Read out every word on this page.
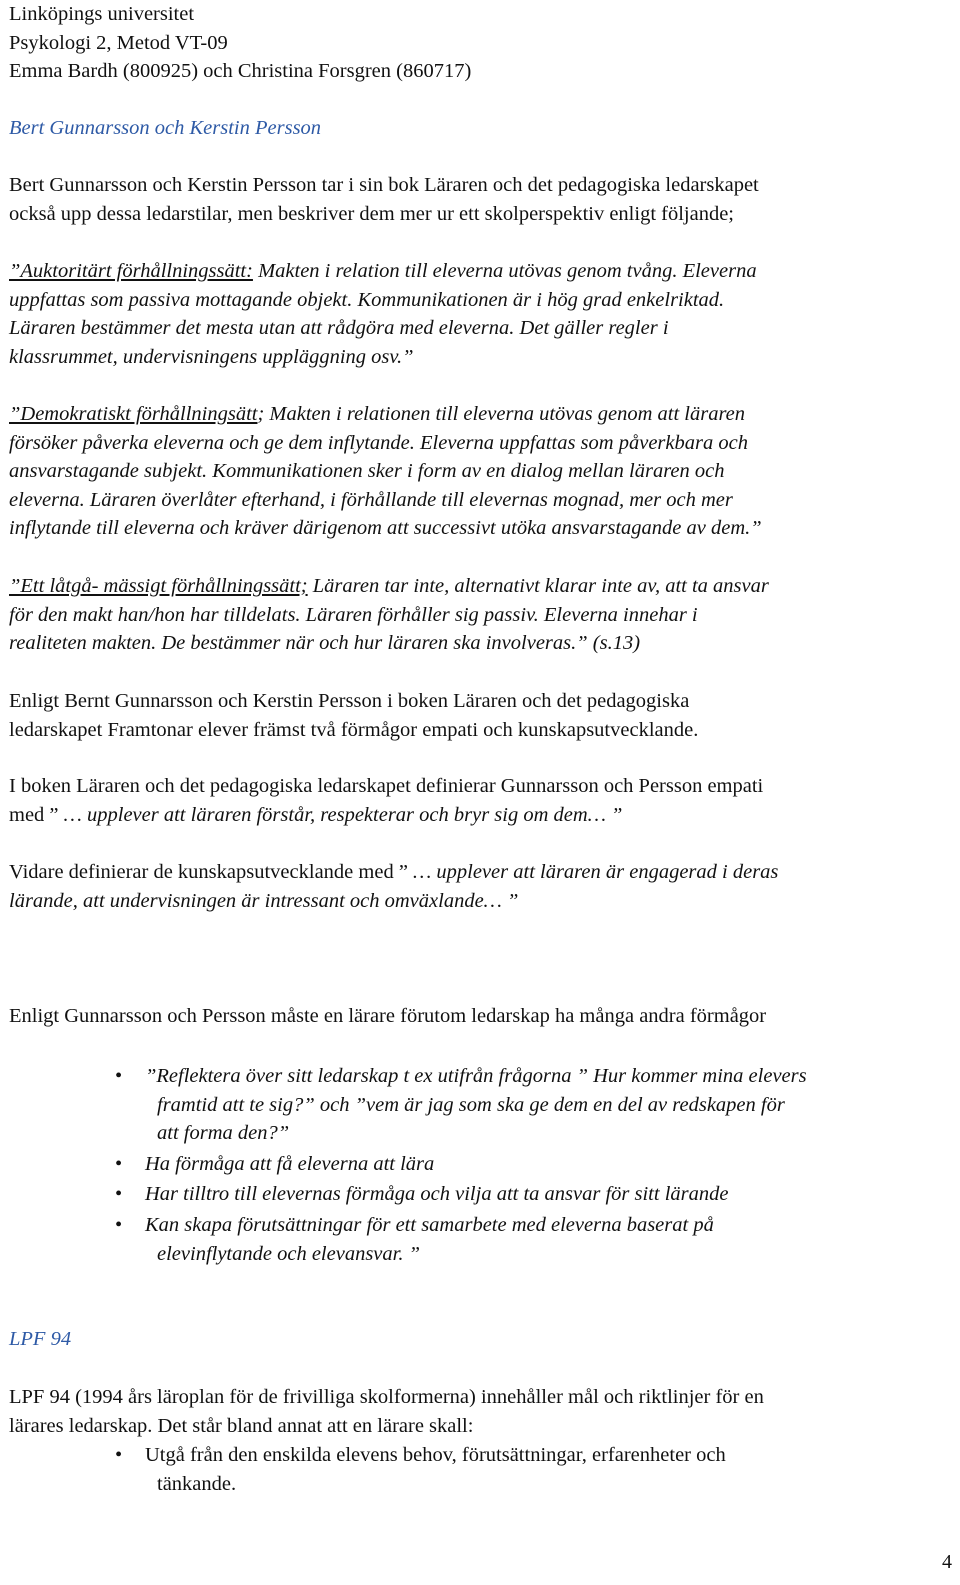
Linköpings universitet
Psykologi 2, Metod VT-09
Emma Bardh (800925) och Christina Forsgren (860717)
Bert Gunnarsson och Kerstin Persson
Bert Gunnarsson och Kerstin Persson tar i sin bok Läraren och det pedagogiska ledarskapet
också upp dessa ledarstilar, men beskriver dem mer ur ett skolperspektiv enligt följande;
”Auktoritärt förhållningssätt: Makten i relation till eleverna utövas genom tvång. Eleverna
uppfattas som passiva mottagande objekt. Kommunikationen är i hög grad enkelriktad.
Läraren bestämmer det mesta utan att rådgöra med eleverna. Det gäller regler i
klassrummet, undervisningens uppläggning osv.”
”Demokratiskt förhållningsätt; Makten i relationen till eleverna utövas genom att läraren
försöker påverka eleverna och ge dem inflytande. Eleverna uppfattas som påverkbara och
ansvarstagande subjekt. Kommunikationen sker i form av en dialog mellan läraren och
eleverna. Läraren överlåter efterhand, i förhållande till elevernas mognad, mer och mer
inflytande till eleverna och kräver därigenom att successivt utöka ansvarstagande av dem.”
”Ett låtgå- mässigt förhållningssätt; Läraren tar inte, alternativt klarar inte av, att ta ansvar
för den makt han/hon har tilldelats. Läraren förhåller sig passiv. Eleverna innehar i
realiteten makten. De bestämmer när och hur läraren ska involveras.” (s.13)
Enligt Bernt Gunnarsson och Kerstin Persson i boken Läraren och det pedagogiska
ledarskapet Framtonar elever främst två förmågor empati och kunskapsutvecklande.
I boken Läraren och det pedagogiska ledarskapet definierar Gunnarsson och Persson empati
med ” … upplever att läraren förstår, respekterar och bryr sig om dem… ”
Vidare definierar de kunskapsutvecklande med ” … upplever att läraren är engagerad i deras
lärande, att undervisningen är intressant och omväxlande… ”
Enligt Gunnarsson och Persson måste en lärare förutom ledarskap ha många andra förmågor
• ”Reflektera över sitt ledarskap t ex utifrån frågorna ” Hur kommer mina elevers
framtid att te sig?” och ”vem är jag som ska ge dem en del av redskapen för
att forma den?”
• Ha förmåga att få eleverna att lära
• Har tilltro till elevernas förmåga och vilja att ta ansvar för sitt lärande
• Kan skapa förutsättningar för ett samarbete med eleverna baserat på
elevinflytande och elevansvar. ”
LPF 94
LPF 94 (1994 års läroplan för de frivilliga skolformerna) innehåller mål och riktlinjer för en
lärares ledarskap. Det står bland annat att en lärare skall:
• Utgå från den enskilda elevens behov, förutsättningar, erfarenheter och
tänkande.
4
